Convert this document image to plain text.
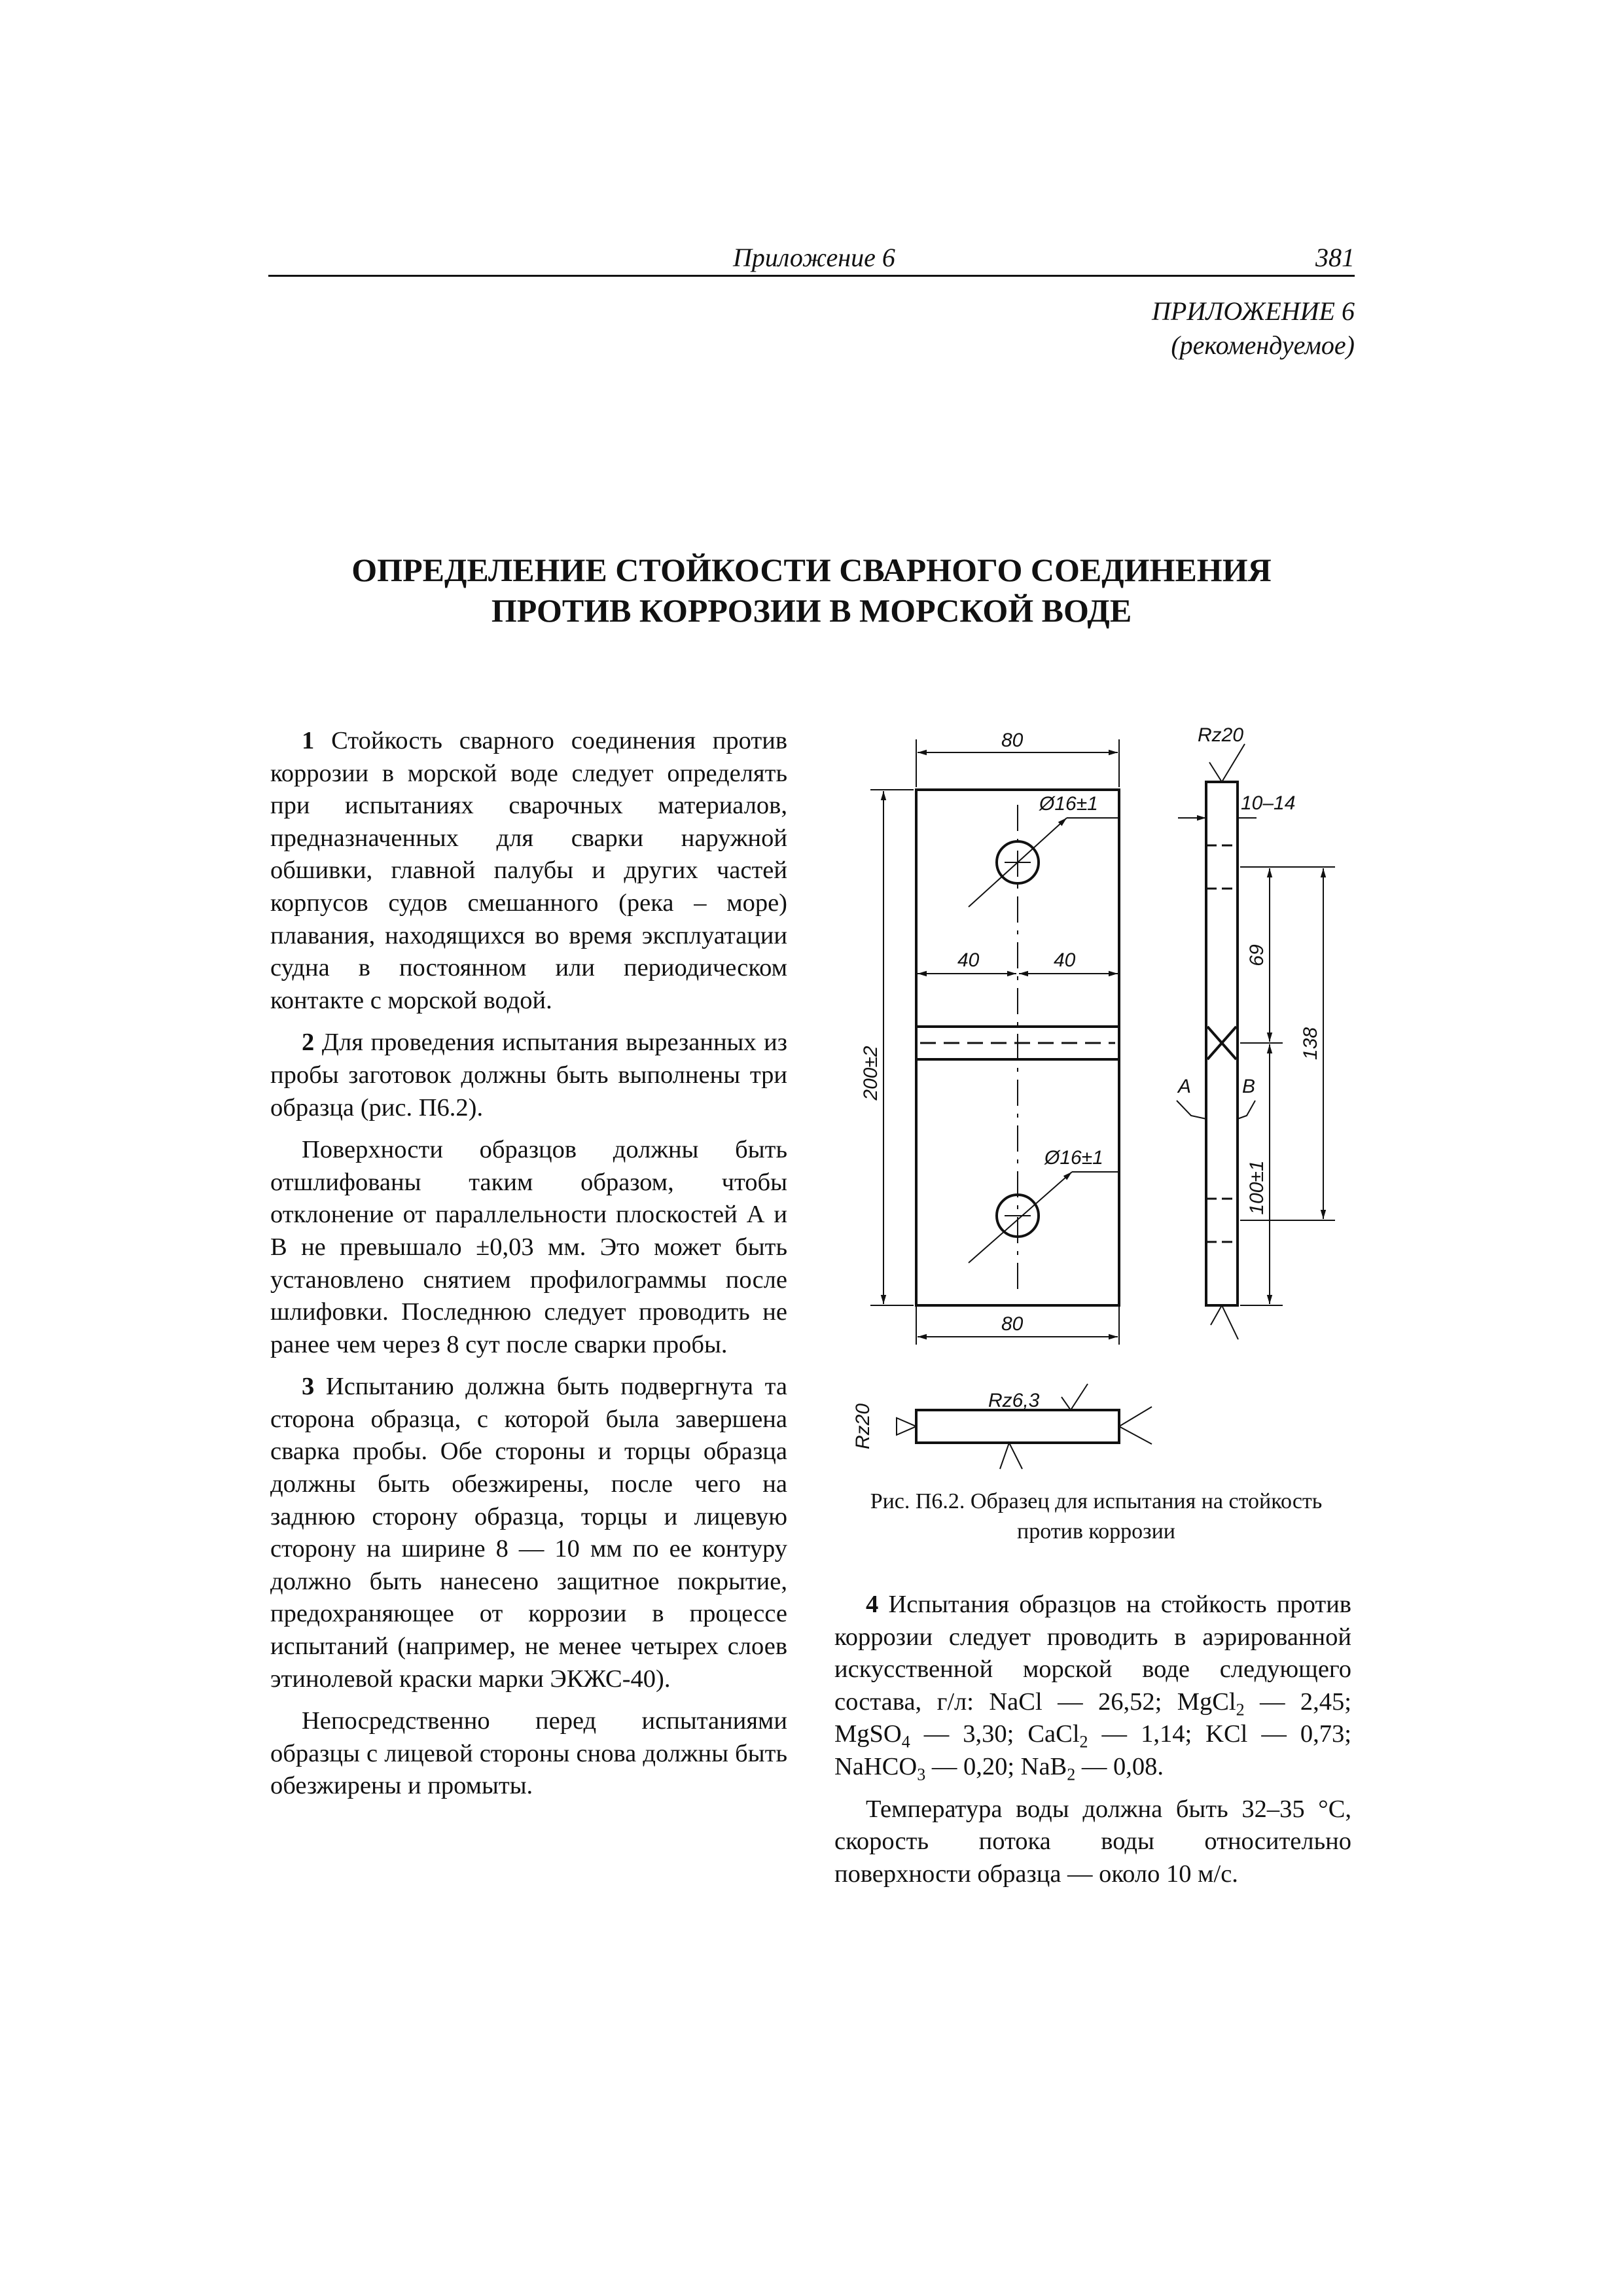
Приложение 6	381
ПРИЛОЖЕНИЕ 6
(рекомендуемое)
ОПРЕДЕЛЕНИЕ СТОЙКОСТИ СВАРНОГО СОЕДИНЕНИЯ
ПРОТИВ КОРРОЗИИ В МОРСКОЙ ВОДЕ

1 Стойкость сварного соединения против коррозии в морской воде следует определять при испытаниях сварочных материалов, предназначенных для сварки наружной обшивки, главной палубы и других частей корпусов судов смешанного (река – море) плавания, находящихся во время эксплуатации судна в постоянном или периодическом контакте с морской водой.

2 Для проведения испытания вырезанных из пробы заготовок должны быть выполнены три образца (рис. П6.2).

Поверхности образцов должны быть отшлифованы таким образом, чтобы отклонение от параллельности плоскостей А и В не превышало ±0,03 мм. Это может быть установлено снятием профилограммы после шлифовки. Последнюю следует проводить не ранее чем через 8 сут после сварки пробы.

3 Испытанию должна быть подвергнута та сторона образца, с которой была завершена сварка пробы. Обе стороны и торцы образца должны быть обезжирены, после чего на заднюю сторону образца, торцы и лицевую сторону на ширине 8 — 10 мм по ее контуру должно быть нанесено защитное покрытие, предохраняющее от коррозии в процессе испытаний (например, не менее четырех слоев этинолевой краски марки ЭКЖС-40).

Непосредственно перед испытаниями образцы с лицевой стороны снова должны быть обезжирены и промыты.

Ø16±1
Ø16±1
80
40	40
200±2
80
Rz20
10–14
69
138
100±1
A	B
Rz6,3
Rz20
Рис. П6.2. Образец для испытания на стойкость
против коррозии

4 Испытания образцов на стойкость против коррозии следует проводить в аэрированной искусственной морской воде следующего состава, г/л: NaCl — 26,52; MgCl$_2$ — 2,45; MgSO$_4$ — 3,30; CaCl$_2$ — 1,14; KCl — 0,73; NaHCO$_3$ — 0,20; NaB$_2$ — 0,08.

Температура воды должна быть 32–35 °С, скорость потока воды относительно поверхности образца — около 10 м/с.
